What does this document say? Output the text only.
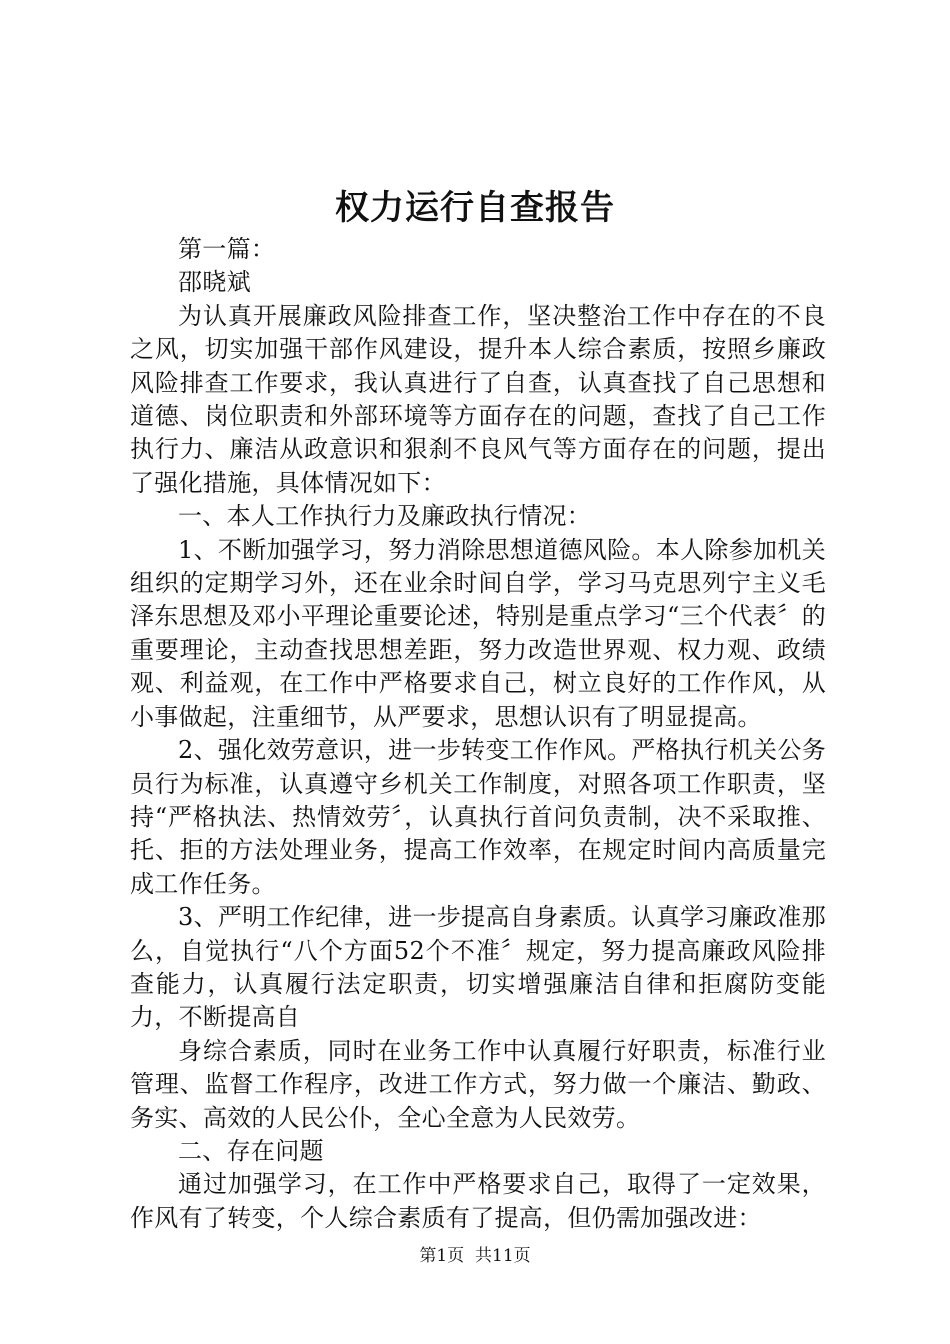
权力运行自查报告

第一篇：

邵晓斌

为认真开展廉政风险排查工作，坚决整治工作中存在的不良之风，切实加强干部作风建设，提升本人综合素质，按照乡廉政风险排查工作要求，我认真进行了自查，认真查找了自己思想和道德、岗位职责和外部环境等方面存在的问题，查找了自己工作执行力、廉洁从政意识和狠刹不良风气等方面存在的问题，提出了强化措施，具体情况如下：

一、本人工作执行力及廉政执行情况：

1、不断加强学习，努力消除思想道德风险。本人除参加机关组织的定期学习外，还在业余时间自学，学习马克思列宁主义毛泽东思想及邓小平理论重要论述，特别是重点学习“三个代表〞的重要理论，主动查找思想差距，努力改造世界观、权力观、政绩观、利益观，在工作中严格要求自己，树立良好的工作作风，从小事做起，注重细节，从严要求，思想认识有了明显提高。

2、强化效劳意识，进一步转变工作作风。严格执行机关公务员行为标准，认真遵守乡机关工作制度，对照各项工作职责，坚持“严格执法、热情效劳〞，认真执行首问负责制，决不采取推、托、拒的方法处理业务，提高工作效率，在规定时间内高质量完成工作任务。

3、严明工作纪律，进一步提高自身素质。认真学习廉政准那么，自觉执行“八个方面52个不准〞规定，努力提高廉政风险排查能力，认真履行法定职责，切实增强廉洁自律和拒腐防变能力，不断提高自

身综合素质，同时在业务工作中认真履行好职责，标准行业管理、监督工作程序，改进工作方式，努力做一个廉洁、勤政、务实、高效的人民公仆，全心全意为人民效劳。

二、存在问题

通过加强学习，在工作中严格要求自己，取得了一定效果，作风有了转变，个人综合素质有了提高，但仍需加强改进：

第1页 共11页
